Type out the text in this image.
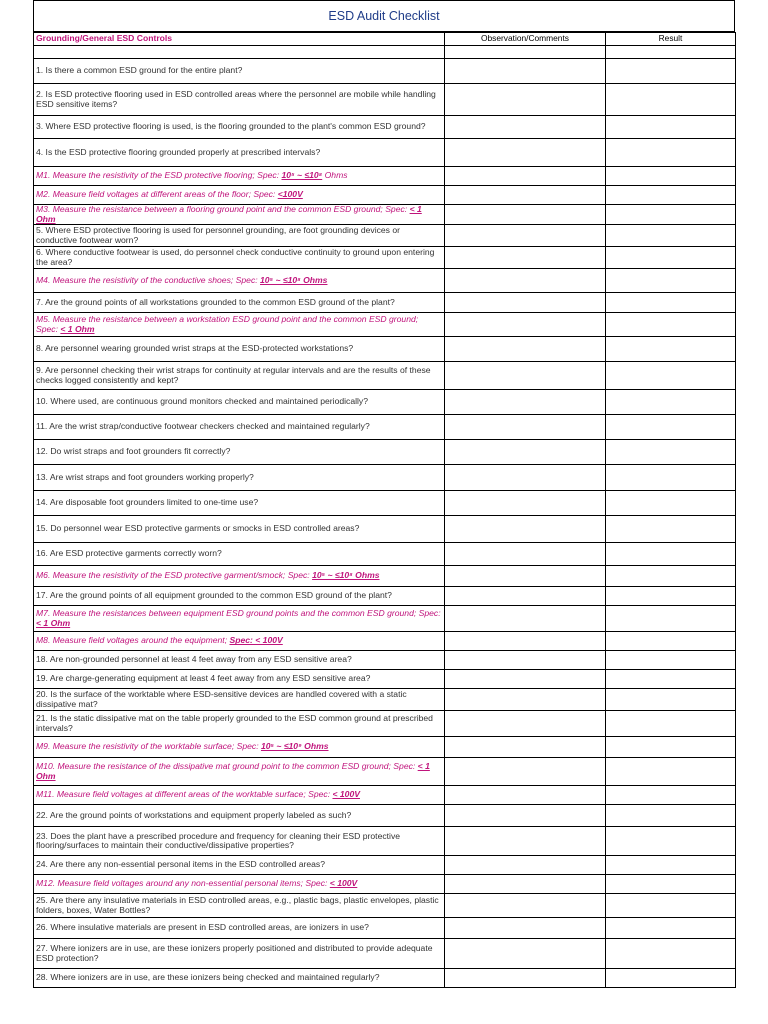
ESD Audit Checklist
Grounding/General ESD Controls	Observation/Comments	Result

1. Is there a common ESD ground for the entire plant?		
2. Is ESD protective flooring used in ESD controlled areas where the personnel are mobile while handling ESD sensitive items?		
3. Where ESD protective flooring is used, is the flooring grounded to the plant's common ESD ground?		
4. Is the ESD protective flooring grounded properly at prescribed intervals?		
M1. Measure the resistivity of the ESD protective flooring; Spec: 10⁵ ~ ≤10⁸ Ohms		
M2. Measure field voltages at different areas of the floor; Spec: <100V		
M3. Measure the resistance between a flooring ground point and the common ESD ground; Spec: < 1 Ohm		
5. Where ESD protective flooring is used for personnel grounding, are foot grounding devices or conductive footwear worn?		
6. Where conductive footwear is used, do personnel check conductive continuity to ground upon entering the area?		
M4. Measure the resistivity of the conductive shoes; Spec: 10⁵ ~ ≤10⁸ Ohms		
7. Are the ground points of all workstations grounded to the common ESD ground of the plant?		
M5. Measure the resistance between a workstation ESD ground point and the common ESD ground; Spec: < 1 Ohm		
8. Are personnel wearing grounded wrist straps at the ESD-protected workstations?		
9. Are personnel checking their wrist straps for continuity at regular intervals and are the results of these checks logged consistently and kept?		
10. Where used, are continuous ground monitors checked and maintained periodically?		
11. Are the wrist strap/conductive footwear checkers checked and maintained regularly?		
12. Do wrist straps and foot grounders fit correctly?		
13. Are wrist straps and foot grounders working properly?		
14. Are disposable foot grounders limited to one-time use?		
15. Do personnel wear ESD protective garments or smocks in ESD controlled areas?		
16. Are ESD protective garments correctly worn?		
M6. Measure the resistivity of the ESD protective garment/smock; Spec: 10⁵ ~ ≤10⁸ Ohms		
17. Are the ground points of all equipment grounded to the common ESD ground of the plant?		
M7. Measure the resistances between equipment ESD ground points and the common ESD ground; Spec: < 1 Ohm		
M8. Measure field voltages around the equipment; Spec: < 100V		
18. Are non-grounded personnel at least 4 feet away from any ESD sensitive area?		
19. Are charge-generating equipment at least 4 feet away from any ESD sensitive area?		
20. Is the surface of the worktable where ESD-sensitive devices are handled covered with a static dissipative mat?		
21. Is the static dissipative mat on the table properly grounded to the ESD common ground at prescribed intervals?		
M9. Measure the resistivity of the worktable surface; Spec: 10⁵ ~ ≤10⁹ Ohms		
M10. Measure the resistance of the dissipative mat ground point to the common ESD ground; Spec: < 1 Ohm		
M11. Measure field voltages at different areas of the worktable surface; Spec: < 100V		
22. Are the ground points of workstations and equipment properly labeled as such?		
23. Does the plant have a prescribed procedure and frequency for cleaning their ESD protective flooring/surfaces to maintain their conductive/dissipative properties?		
24. Are there any non-essential personal items in the ESD controlled areas?		
M12. Measure field voltages around any non-essential personal items; Spec: < 100V		
25. Are there any insulative materials in ESD controlled areas, e.g., plastic bags, plastic envelopes, plastic folders, boxes, Water Bottles?		
26. Where insulative materials are present in ESD controlled areas, are ionizers in use?		
27. Where ionizers are in use, are these ionizers properly positioned and distributed to provide adequate ESD protection?		
28. Where ionizers are in use, are these ionizers being checked and maintained regularly?		
